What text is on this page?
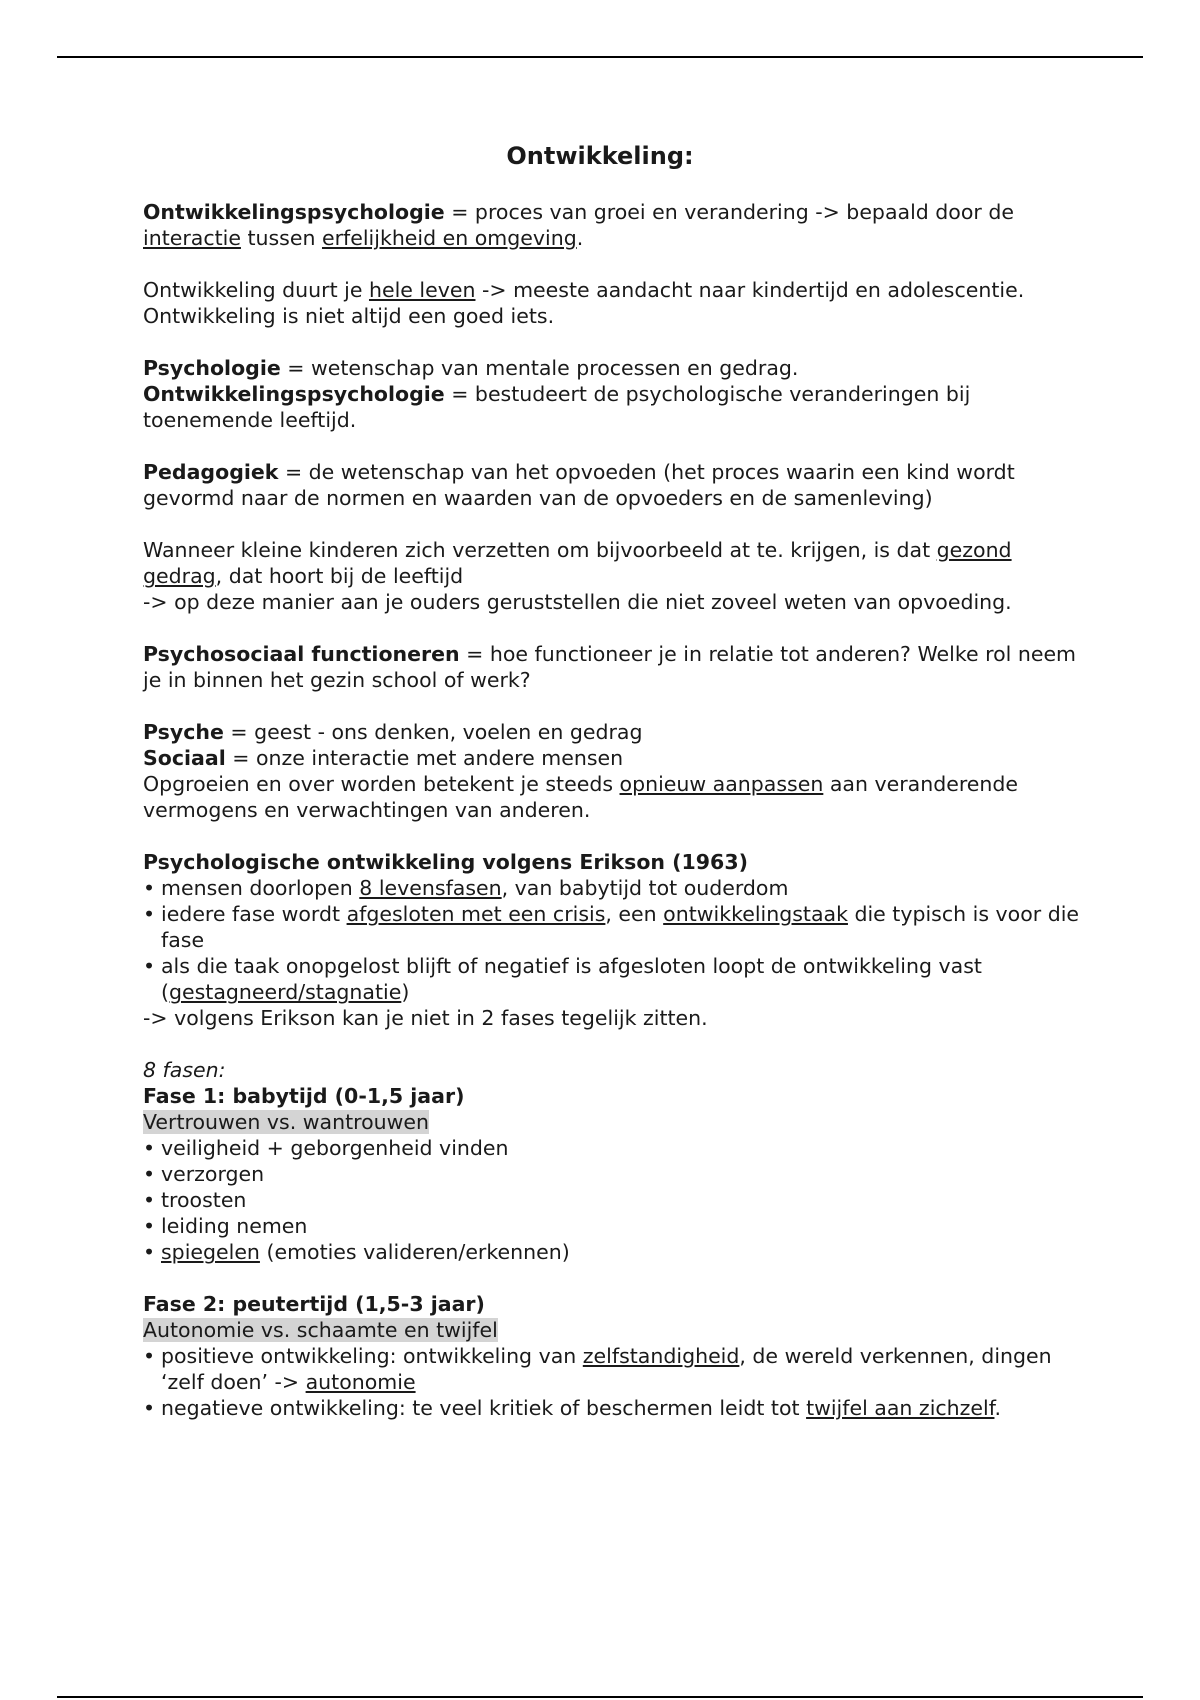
Ontwikkeling:

Ontwikkelingspsychologie = proces van groei en verandering -> bepaald door de interactie tussen erfelijkheid en omgeving.

Ontwikkeling duurt je hele leven -> meeste aandacht naar kindertijd en adolescentie.

Ontwikkeling is niet altijd een goed iets.

Psychologie = wetenschap van mentale processen en gedrag.

Ontwikkelingspsychologie = bestudeert de psychologische veranderingen bij toenemende leeftijd.

Pedagogiek = de wetenschap van het opvoeden (het proces waarin een kind wordt gevormd naar de normen en waarden van de opvoeders en de samenleving)

Wanneer kleine kinderen zich verzetten om bijvoorbeeld at te. krijgen, is dat gezond gedrag, dat hoort bij de leeftijd

-> op deze manier aan je ouders geruststellen die niet zoveel weten van opvoeding.

Psychosociaal functioneren = hoe functioneer je in relatie tot anderen? Welke rol neem je in binnen het gezin school of werk?

Psyche = geest - ons denken, voelen en gedrag

Sociaal = onze interactie met andere mensen

Opgroeien en over worden betekent je steeds opnieuw aanpassen aan veranderende vermogens en verwachtingen van anderen.

Psychologische ontwikkeling volgens Erikson (1963)

• mensen doorlopen 8 levensfasen, van babytijd tot ouderdom
• iedere fase wordt afgesloten met een crisis, een ontwikkelingstaak die typisch is voor die fase
• als die taak onopgelost blijft of negatief is afgesloten loopt de ontwikkeling vast (gestagneerd/stagnatie)

-> volgens Erikson kan je niet in 2 fases tegelijk zitten.

8 fasen:

Fase 1: babytijd (0-1,5 jaar)

Vertrouwen vs. wantrouwen

• veiligheid + geborgenheid vinden
• verzorgen
• troosten
• leiding nemen
• spiegelen (emoties valideren/erkennen)

Fase 2: peutertijd (1,5-3 jaar)

Autonomie vs. schaamte en twijfel

• positieve ontwikkeling: ontwikkeling van zelfstandigheid, de wereld verkennen, dingen ‘zelf doen’ -> autonomie
• negatieve ontwikkeling: te veel kritiek of beschermen leidt tot twijfel aan zichzelf.
